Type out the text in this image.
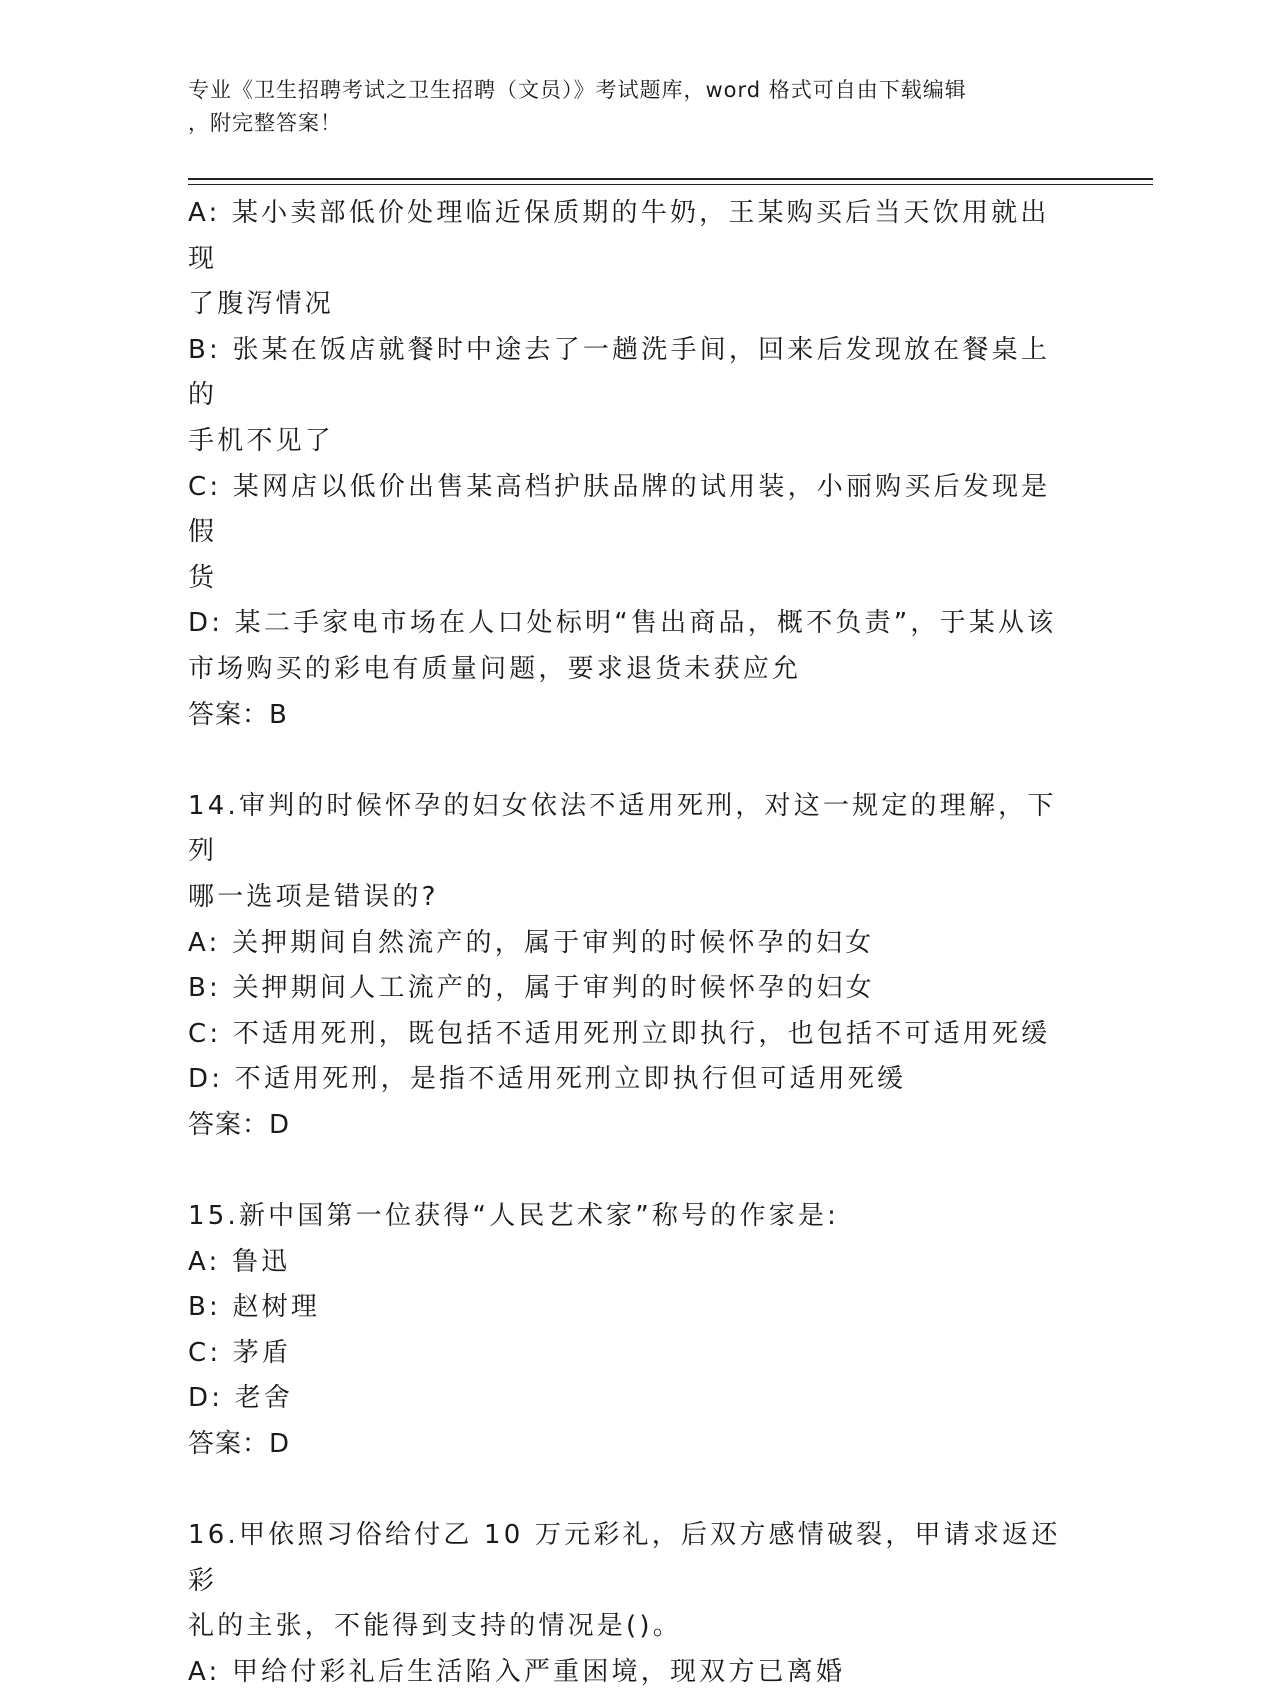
专业《卫生招聘考试之卫生招聘（文员）》考试题库，word 格式可自由下载编辑
，附完整答案！
A: 某小卖部低价处理临近保质期的牛奶，王某购买后当天饮用就出现
了腹泻情况
B: 张某在饭店就餐时中途去了一趟洗手间，回来后发现放在餐桌上的
手机不见了
C: 某网店以低价出售某高档护肤品牌的试用装，小丽购买后发现是假
货
D: 某二手家电市场在人口处标明“售出商品，概不负责”，于某从该
市场购买的彩电有质量问题，要求退货未获应允
答案：B
14.审判的时候怀孕的妇女依法不适用死刑，对这一规定的理解，下列
哪一选项是错误的?
A: 关押期间自然流产的，属于审判的时候怀孕的妇女
B: 关押期间人工流产的，属于审判的时候怀孕的妇女
C: 不适用死刑，既包括不适用死刑立即执行，也包括不可适用死缓
D: 不适用死刑，是指不适用死刑立即执行但可适用死缓
答案：D
15.新中国第一位获得“人民艺术家”称号的作家是:
A: 鲁迅
B: 赵树理
C: 茅盾
D: 老舍
答案：D
16.甲依照习俗给付乙 10 万元彩礼，后双方感情破裂，甲请求返还彩
礼的主张，不能得到支持的情况是()。
A: 甲给付彩礼后生活陷入严重困境，现双方已离婚
